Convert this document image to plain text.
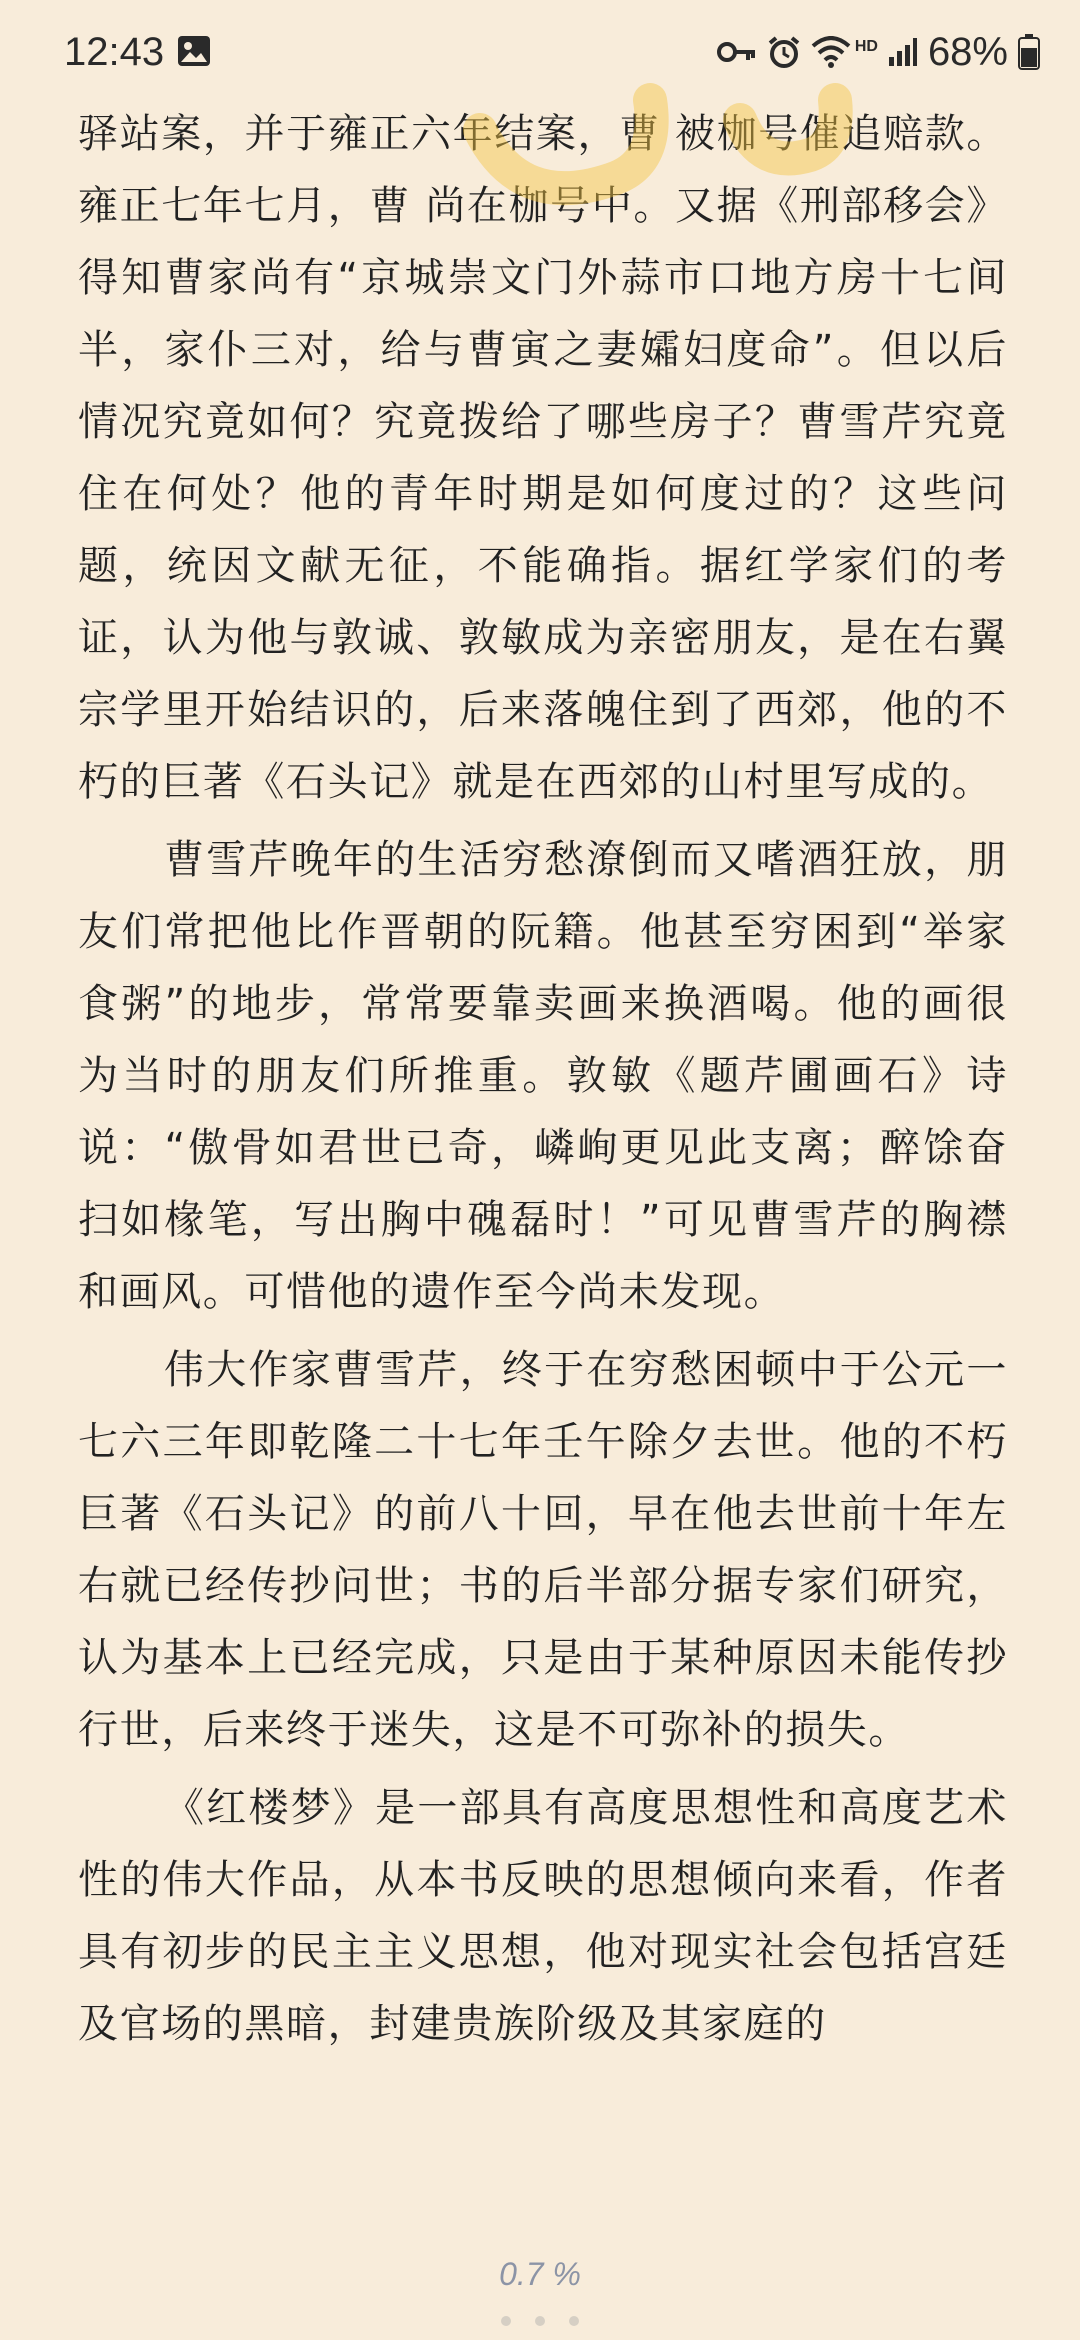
12:43	HD 68%

驿站案，并于雍正六年结案，曹 被枷号催追赔款。雍正七年七月，曹 尚在枷号中。又据《刑部移会》得知曹家尚有“京城崇文门外蒜市口地方房十七间半，家仆三对，给与曹寅之妻孀妇度命”。但以后情况究竟如何？究竟拨给了哪些房子？曹雪芹究竟住在何处？他的青年时期是如何度过的？这些问题，统因文献无征，不能确指。据红学家们的考证，认为他与敦诚、敦敏成为亲密朋友，是在右翼宗学里开始结识的，后来落魄住到了西郊，他的不朽的巨著《石头记》就是在西郊的山村里写成的。

曹雪芹晚年的生活穷愁潦倒而又嗜酒狂放，朋友们常把他比作晋朝的阮籍。他甚至穷困到“举家食粥”的地步，常常要靠卖画来换酒喝。他的画很为当时的朋友们所推重。敦敏《题芹圃画石》诗说：“傲骨如君世已奇，嶙峋更见此支离；醉馀奋扫如椽笔，写出胸中磈磊时！”可见曹雪芹的胸襟和画风。可惜他的遗作至今尚未发现。

伟大作家曹雪芹，终于在穷愁困顿中于公元一七六三年即乾隆二十七年壬午除夕去世。他的不朽巨著《石头记》的前八十回，早在他去世前十年左右就已经传抄问世；书的后半部分据专家们研究，认为基本上已经完成，只是由于某种原因未能传抄行世，后来终于迷失，这是不可弥补的损失。

《红楼梦》是一部具有高度思想性和高度艺术性的伟大作品，从本书反映的思想倾向来看，作者具有初步的民主主义思想，他对现实社会包括宫廷及官场的黑暗，封建贵族阶级及其家庭的

0.7 %
